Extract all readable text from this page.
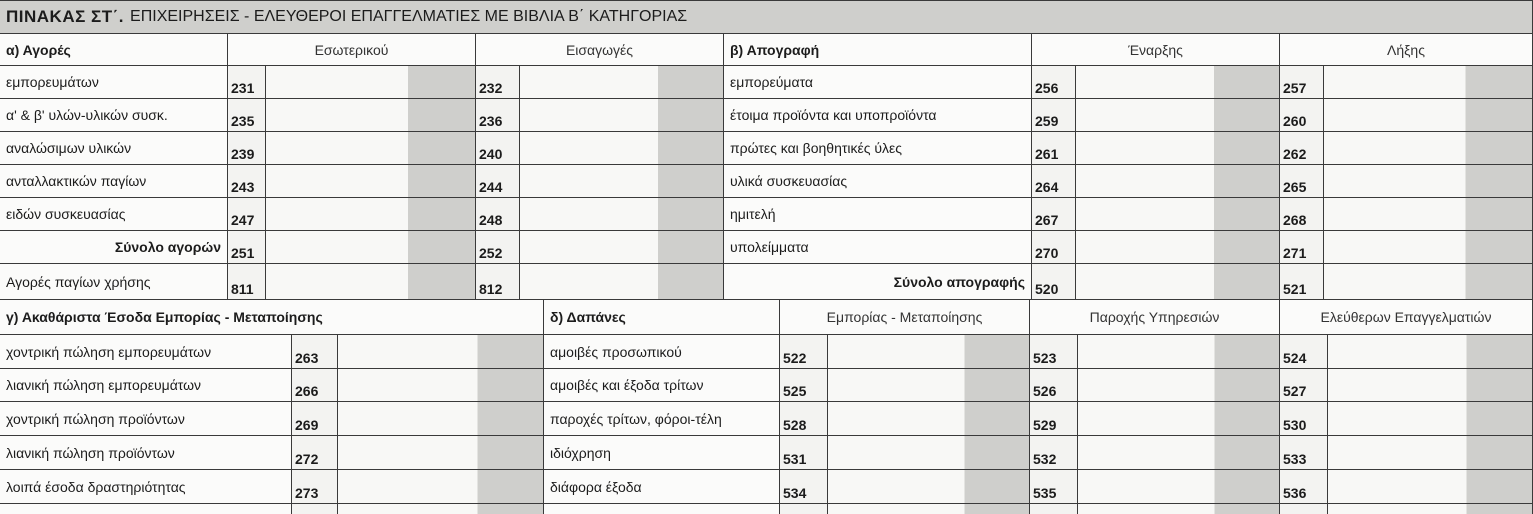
ΠΙΝΑΚΑΣ ΣΤ΄. ΕΠΙΧΕΙΡΗΣΕΙΣ - ΕΛΕΥΘΕΡΟΙ ΕΠΑΓΓΕΛΜΑΤΙΕΣ ΜΕ ΒΙΒΛΙΑ Β΄ ΚΑΤΗΓΟΡΙΑΣ
α) Αγορές	Εσωτερικού	Εισαγωγές	β) Απογραφή	Έναρξης	Λήξης
εμπορευμάτων	231	232	εμπορεύματα	256	257
α' & β' υλών-υλικών συσκ.	235	236	έτοιμα προϊόντα και υποπροϊόντα	259	260
αναλώσιμων υλικών	239	240	πρώτες και βοηθητικές ύλες	261	262
ανταλλακτικών παγίων	243	244	υλικά συσκευασίας	264	265
ειδών συσκευασίας	247	248	ημιτελή	267	268
Σύνολο αγορών 251	252	υπολείμματα	270	271
Αγορές παγίων χρήσης	811	812	Σύνολο απογραφής 520	521
γ) Ακαθάριστα Έσοδα Εμπορίας - Μεταποίησης	δ) Δαπάνες	Εμπορίας - Μεταποίησης	Παροχής Υπηρεσιών	Ελεύθερων Επαγγελματιών
χοντρική πώληση εμπορευμάτων	263	αμοιβές προσωπικού	522	523	524
λιανική πώληση εμπορευμάτων	266	αμοιβές και έξοδα τρίτων	525	526	527
χοντρική πώληση προϊόντων	269	παροχές τρίτων, φόροι-τέλη	528	529	530
λιανική πώληση προϊόντων	272	ιδιόχρηση	531	532	533
λοιπά έσοδα δραστηριότητας	273	διάφορα έξοδα	534	535	536
